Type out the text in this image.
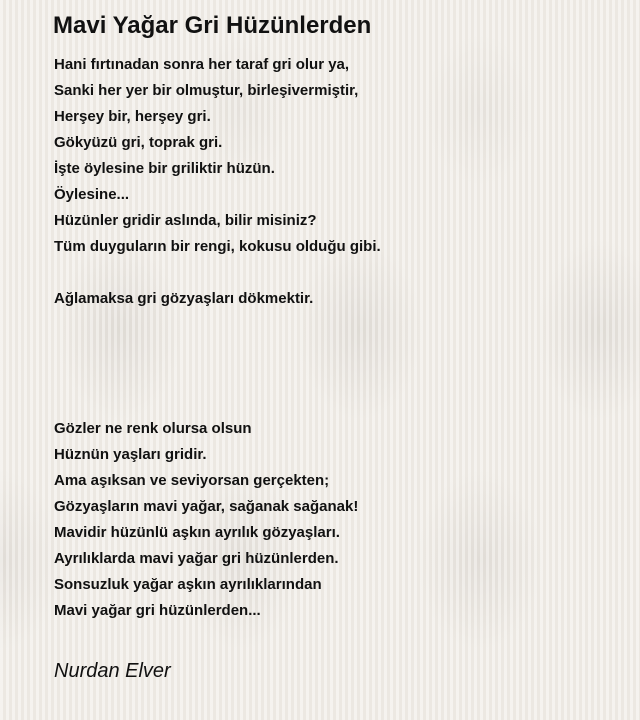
Mavi Yağar Gri Hüzünlerden
Hani fırtınadan sonra her taraf gri olur ya,
Sanki her yer bir olmuştur, birleşivermiştir,
Herşey bir, herşey gri.
Gökyüzü gri, toprak gri.
İşte öylesine bir griliktir hüzün.
Öylesine...
Hüzünler gridir aslında, bilir misiniz?
Tüm duyguların bir rengi, kokusu olduğu gibi.
Ağlamaksa gri gözyaşları dökmektir.
Gözler ne renk olursa olsun
Hüznün yaşları gridir.
Ama aşıksan ve seviyorsan gerçekten;
Gözyaşların mavi yağar, sağanak sağanak!
Mavidir hüzünlü aşkın ayrılık gözyaşları.
Ayrılıklarda mavi yağar gri hüzünlerden.
Sonsuzluk yağar aşkın ayrılıklarından
Mavi yağar gri hüzünlerden...
Nurdan Elver
